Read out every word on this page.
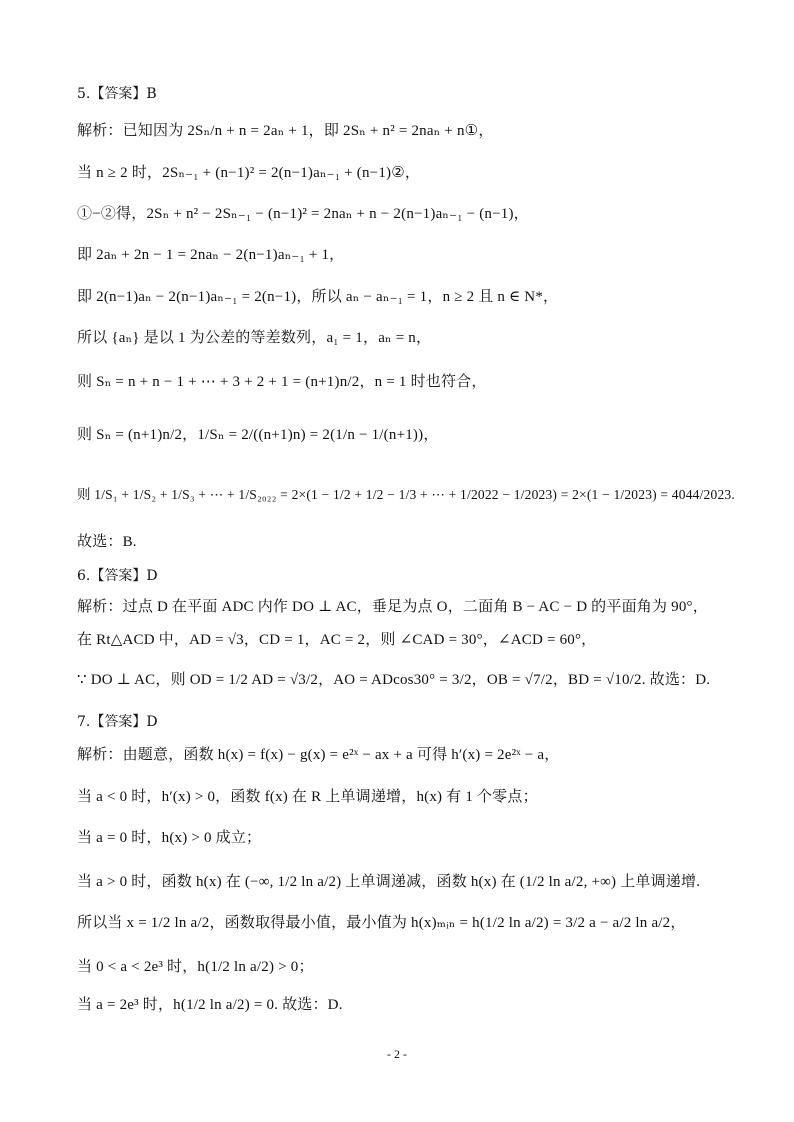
5.【答案】B
解析：已知因为 2Sₙ/n + n = 2aₙ + 1，即 2Sₙ + n² = 2naₙ + n①，
当 n ≥ 2 时，2Sₙ₋₁ + (n−1)² = 2(n−1)aₙ₋₁ + (n−1)②，
①−②得，2Sₙ + n² − 2Sₙ₋₁ − (n−1)² = 2naₙ + n − 2(n−1)aₙ₋₁ − (n−1)，
即 2aₙ + 2n − 1 = 2naₙ − 2(n−1)aₙ₋₁ + 1，
即 2(n−1)aₙ − 2(n−1)aₙ₋₁ = 2(n−1)，所以 aₙ − aₙ₋₁ = 1，n ≥ 2 且 n ∈ N*，
所以 {aₙ} 是以 1 为公差的等差数列，a₁ = 1，aₙ = n，
则 Sₙ = n + n − 1 + ⋯ + 3 + 2 + 1 = (n+1)n/2，n = 1 时也符合，
则 Sₙ = (n+1)n/2，1/Sₙ = 2/((n+1)n) = 2(1/n − 1/(n+1))，
则 1/S₁ + 1/S₂ + 1/S₃ + ⋯ + 1/S₂₀₂₂ = 2×(1 − 1/2 + 1/2 − 1/3 + ⋯ + 1/2022 − 1/2023) = 2×(1 − 1/2023) = 4044/2023.
故选：B.
6.【答案】D
解析：过点 D 在平面 ADC 内作 DO ⊥ AC，垂足为点 O，二面角 B − AC − D 的平面角为 90°，
在 Rt△ACD 中，AD = √3，CD = 1，AC = 2，则 ∠CAD = 30°，∠ACD = 60°，
∵ DO ⊥ AC，则 OD = 1/2 AD = √3/2，AO = ADcos30° = 3/2，OB = √7/2，BD = √10/2. 故选：D.
7.【答案】D
解析：由题意，函数 h(x) = f(x) − g(x) = e²ˣ − ax + a 可得 h′(x) = 2e²ˣ − a，
当 a < 0 时，h′(x) > 0，函数 f(x) 在 R 上单调递增，h(x) 有 1 个零点；
当 a = 0 时，h(x) > 0 成立；
当 a > 0 时，函数 h(x) 在 (−∞, 1/2 ln a/2) 上单调递减，函数 h(x) 在 (1/2 ln a/2, +∞) 上单调递增.
所以当 x = 1/2 ln a/2，函数取得最小值，最小值为 h(x)ₘᵢₙ = h(1/2 ln a/2) = 3/2 a − a/2 ln a/2，
当 0 < a < 2e³ 时，h(1/2 ln a/2) > 0；
当 a = 2e³ 时，h(1/2 ln a/2) = 0. 故选：D.
- 2 -
